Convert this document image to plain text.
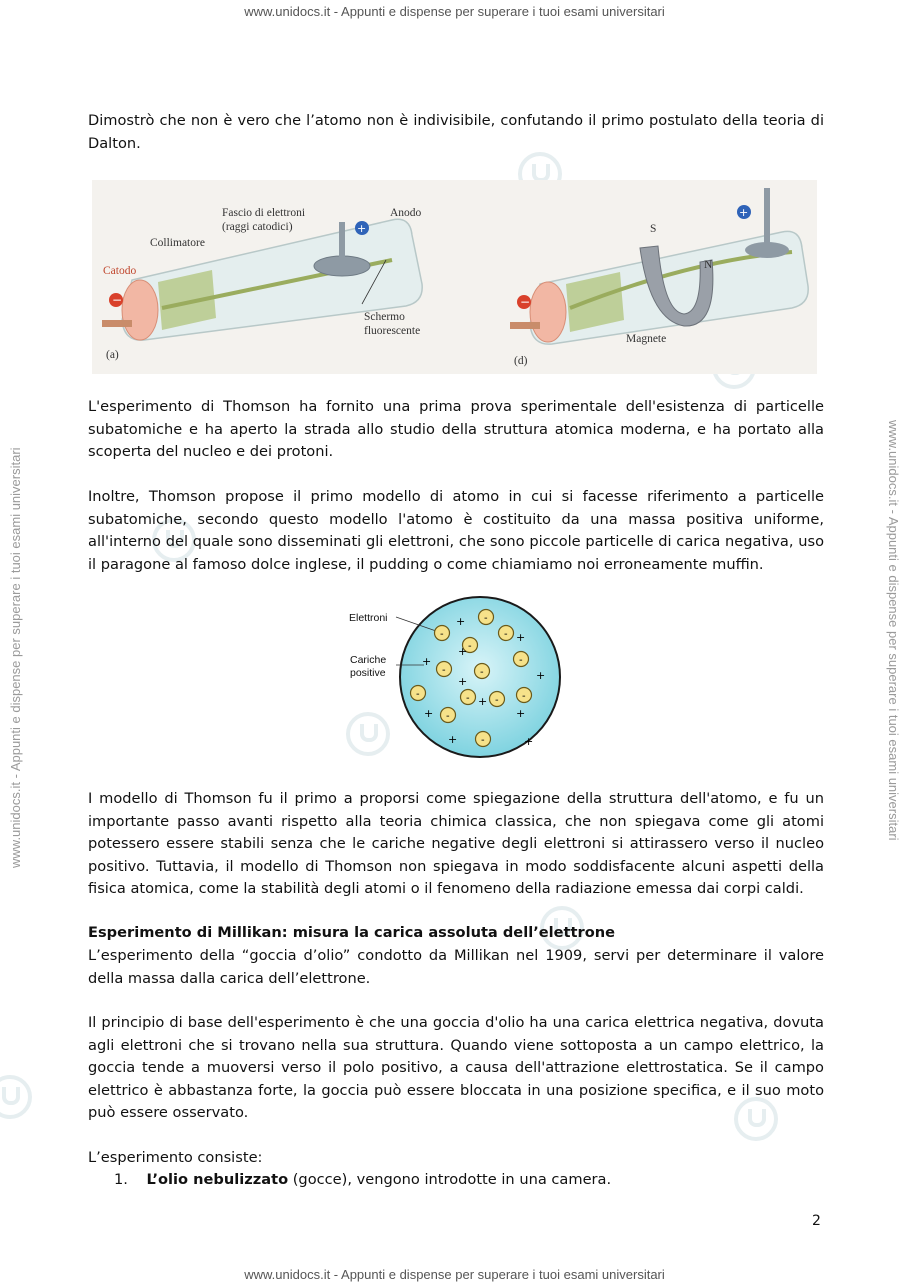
www.unidocs.it - Appunti e dispense per superare i tuoi esami universitari
www.unidocs.it - Appunti e dispense per superare i tuoi esami universitari
www.unidocs.it - Appunti e dispense per superare i tuoi esami universitari	www.unidocs.it - Appunti e dispense per superare i tuoi esami universitari

Dimostrò che non è vero che l’atomo non è indivisibile, confutando il primo postulato della teoria di Dalton.

−
+
Catodo
Collimatore
Fascio di elettroni
(raggi catodici)
Anodo
Schermo
fluorescente
(a)
−
+
S
N
Magnete
(d)

L'esperimento di Thomson ha fornito una prima prova sperimentale dell'esistenza di particelle subatomiche e ha aperto la strada allo studio della struttura atomica moderna, e ha portato alla scoperta del nucleo e dei protoni.

Inoltre, Thomson propose il primo modello di atomo in cui si facesse riferimento a particelle subatomiche, secondo questo modello l'atomo è costituito da una massa positiva uniforme, all'interno del quale sono disseminati gli elettroni, che sono piccole particelle di carica negativa, uso il paragone al famoso dolce inglese, il pudding o come chiamiamo noi erroneamente muffin.

Elettroni
Cariche
positive
-
-
-
-
-
-
-
-	-	- -
-
-
+
+
+
+
+
+
+
+
+
+	+

I modello di Thomson fu il primo a proporsi come spiegazione della struttura dell'atomo, e fu un importante passo avanti rispetto alla teoria chimica classica, che non spiegava come gli atomi potessero essere stabili senza che le cariche negative degli elettroni si attirassero verso il nucleo positivo. Tuttavia, il modello di Thomson non spiegava in modo soddisfacente alcuni aspetti della fisica atomica, come la stabilità degli atomi o il fenomeno della radiazione emessa dai corpi caldi.

Esperimento di Millikan: misura la carica assoluta dell’elettrone

L’esperimento della “goccia d’olio” condotto da Millikan nel 1909, servi per determinare il valore della massa dalla carica dell’elettrone.

Il principio di base dell'esperimento è che una goccia d'olio ha una carica elettrica negativa, dovuta agli elettroni che si trovano nella sua struttura. Quando viene sottoposta a un campo elettrico, la goccia tende a muoversi verso il polo positivo, a causa dell'attrazione elettrostatica. Se il campo elettrico è abbastanza forte, la goccia può essere bloccata in una posizione specifica, e il suo moto può essere osservato.

L’esperimento consiste:

1. L’olio nebulizzato (gocce), vengono introdotte in una camera.
2
